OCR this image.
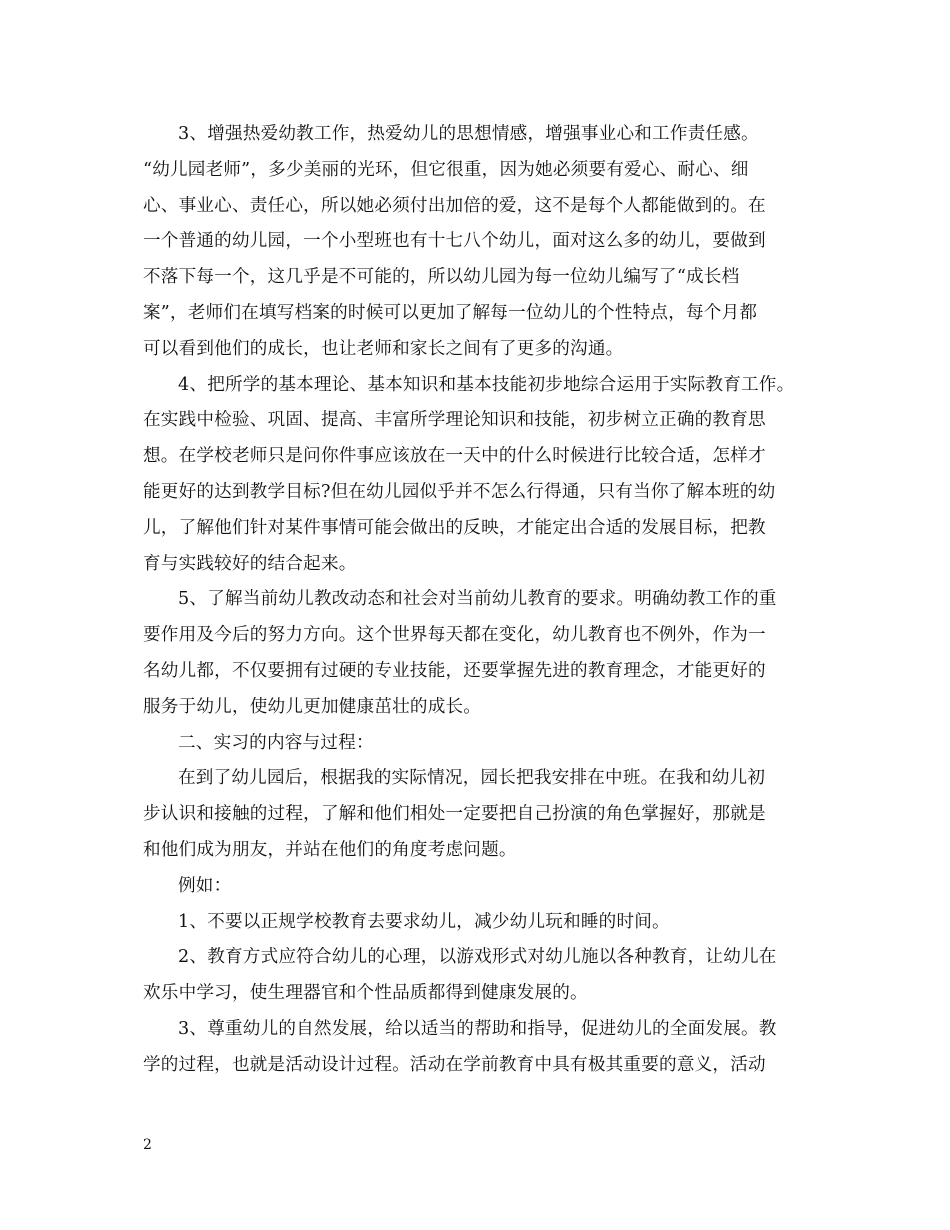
3、增强热爱幼教工作，热爱幼儿的思想情感，增强事业心和工作责任感。
“幼儿园老师”，多少美丽的光环，但它很重，因为她必须要有爱心、耐心、细
心、事业心、责任心，所以她必须付出加倍的爱，这不是每个人都能做到的。在
一个普通的幼儿园，一个小型班也有十七八个幼儿，面对这么多的幼儿，要做到
不落下每一个，这几乎是不可能的，所以幼儿园为每一位幼儿编写了“成长档
案”，老师们在填写档案的时候可以更加了解每一位幼儿的个性特点，每个月都
可以看到他们的成长，也让老师和家长之间有了更多的沟通。
4、把所学的基本理论、基本知识和基本技能初步地综合运用于实际教育工作。
在实践中检验、巩固、提高、丰富所学理论知识和技能，初步树立正确的教育思
想。在学校老师只是问你件事应该放在一天中的什么时候进行比较合适，怎样才
能更好的达到教学目标?但在幼儿园似乎并不怎么行得通，只有当你了解本班的幼
儿，了解他们针对某件事情可能会做出的反映，才能定出合适的发展目标，把教
育与实践较好的结合起来。
5、了解当前幼儿教改动态和社会对当前幼儿教育的要求。明确幼教工作的重
要作用及今后的努力方向。这个世界每天都在变化，幼儿教育也不例外，作为一
名幼儿都，不仅要拥有过硬的专业技能，还要掌握先进的教育理念，才能更好的
服务于幼儿，使幼儿更加健康茁壮的成长。
二、实习的内容与过程：
在到了幼儿园后，根据我的实际情况，园长把我安排在中班。在我和幼儿初
步认识和接触的过程，了解和他们相处一定要把自己扮演的角色掌握好，那就是
和他们成为朋友，并站在他们的角度考虑问题。
例如：
1、不要以正规学校教育去要求幼儿，减少幼儿玩和睡的时间。
2、教育方式应符合幼儿的心理，以游戏形式对幼儿施以各种教育，让幼儿在
欢乐中学习，使生理器官和个性品质都得到健康发展的。
3、尊重幼儿的自然发展，给以适当的帮助和指导，促进幼儿的全面发展。教
学的过程，也就是活动设计过程。活动在学前教育中具有极其重要的意义，活动
2
